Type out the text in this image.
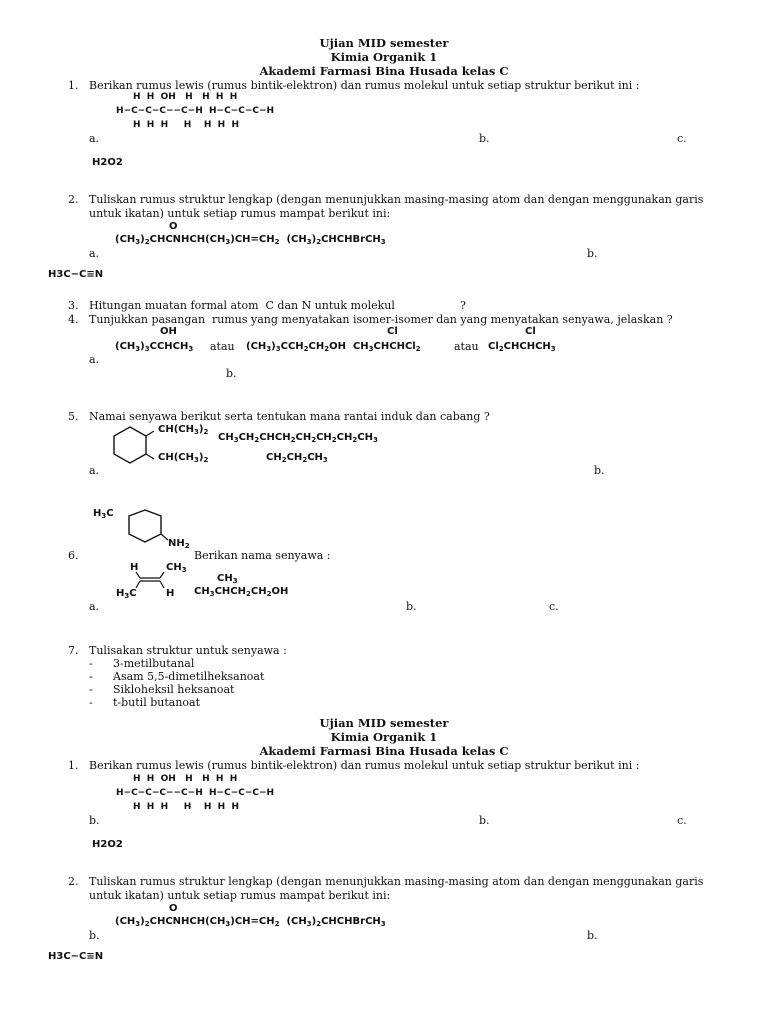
Ujian MID semester
Kimia Organik 1
Akademi Farmasi Bina Husada kelas C
1. Berikan rumus lewis (rumus bintik-elektron) dan rumus molekul untuk setiap struktur berikut ini :
H  H  OH   H   H  H  H
H−C−C−C−−C−H  H−C−C−C−H
H  H  H     H    H  H  H
a.	b.	c.
H2O2
2. Tuliskan rumus struktur lengkap (dengan menunjukkan masing-masing atom dan dengan menggunakan garis
untuk ikatan) untuk setiap rumus mampat berikut ini:
O
$(CH_3)_2CHCNHCH(CH_3)CH=CH_2$  $(CH_3)_2CHCHBrCH_3$
a.	b.
H3C−C≡N
3. Hitungan muatan formal atom  C dan N untuk molekul	?
4. Tunjukkan pasangan  rumus yang menyatakan isomer-isomer dan yang menyatakan senyawa, jelaskan ?
OH	Cl	Cl
$(CH_3)_3CCHCH_3$	$(CH_3)_3CCH_2CH_2OH$  $CH_3CHCHCl_2$	$Cl_2CHCHCH_3$
atau	atau
a.
b.
5. Namai senyawa berikut serta tentukan mana rantai induk dan cabang ?
$CH(CH_3)_2$
$CH(CH_3)_2$
$CH_3CH_2CHCH_2CH_2CH_2CH_2CH_3$
$CH_2CH_2CH_3$
a.	b.
$H_3C$
$NH_2$
6.	Berikan nama senyawa :
H	$CH_3$
$H_3C$	H
$CH_3$
$CH_3CHCH_2CH_2OH$
a.	b.	c.
7. Tulisakan struktur untuk senyawa :
- 3-metilbutanal
- Asam 5,5-dimetilheksanoat
- Sikloheksil heksanoat
- t-butil butanoat
Ujian MID semester
Kimia Organik 1
Akademi Farmasi Bina Husada kelas C
1. Berikan rumus lewis (rumus bintik-elektron) dan rumus molekul untuk setiap struktur berikut ini :
H  H  OH   H   H  H  H
H−C−C−C−−C−H  H−C−C−C−H
H  H  H     H    H  H  H
b.	b.	c.
H2O2
2. Tuliskan rumus struktur lengkap (dengan menunjukkan masing-masing atom dan dengan menggunakan garis
untuk ikatan) untuk setiap rumus mampat berikut ini:
O
$(CH_3)_2CHCNHCH(CH_3)CH=CH_2$  $(CH_3)_2CHCHBrCH_3$
b.	b.
H3C−C≡N
